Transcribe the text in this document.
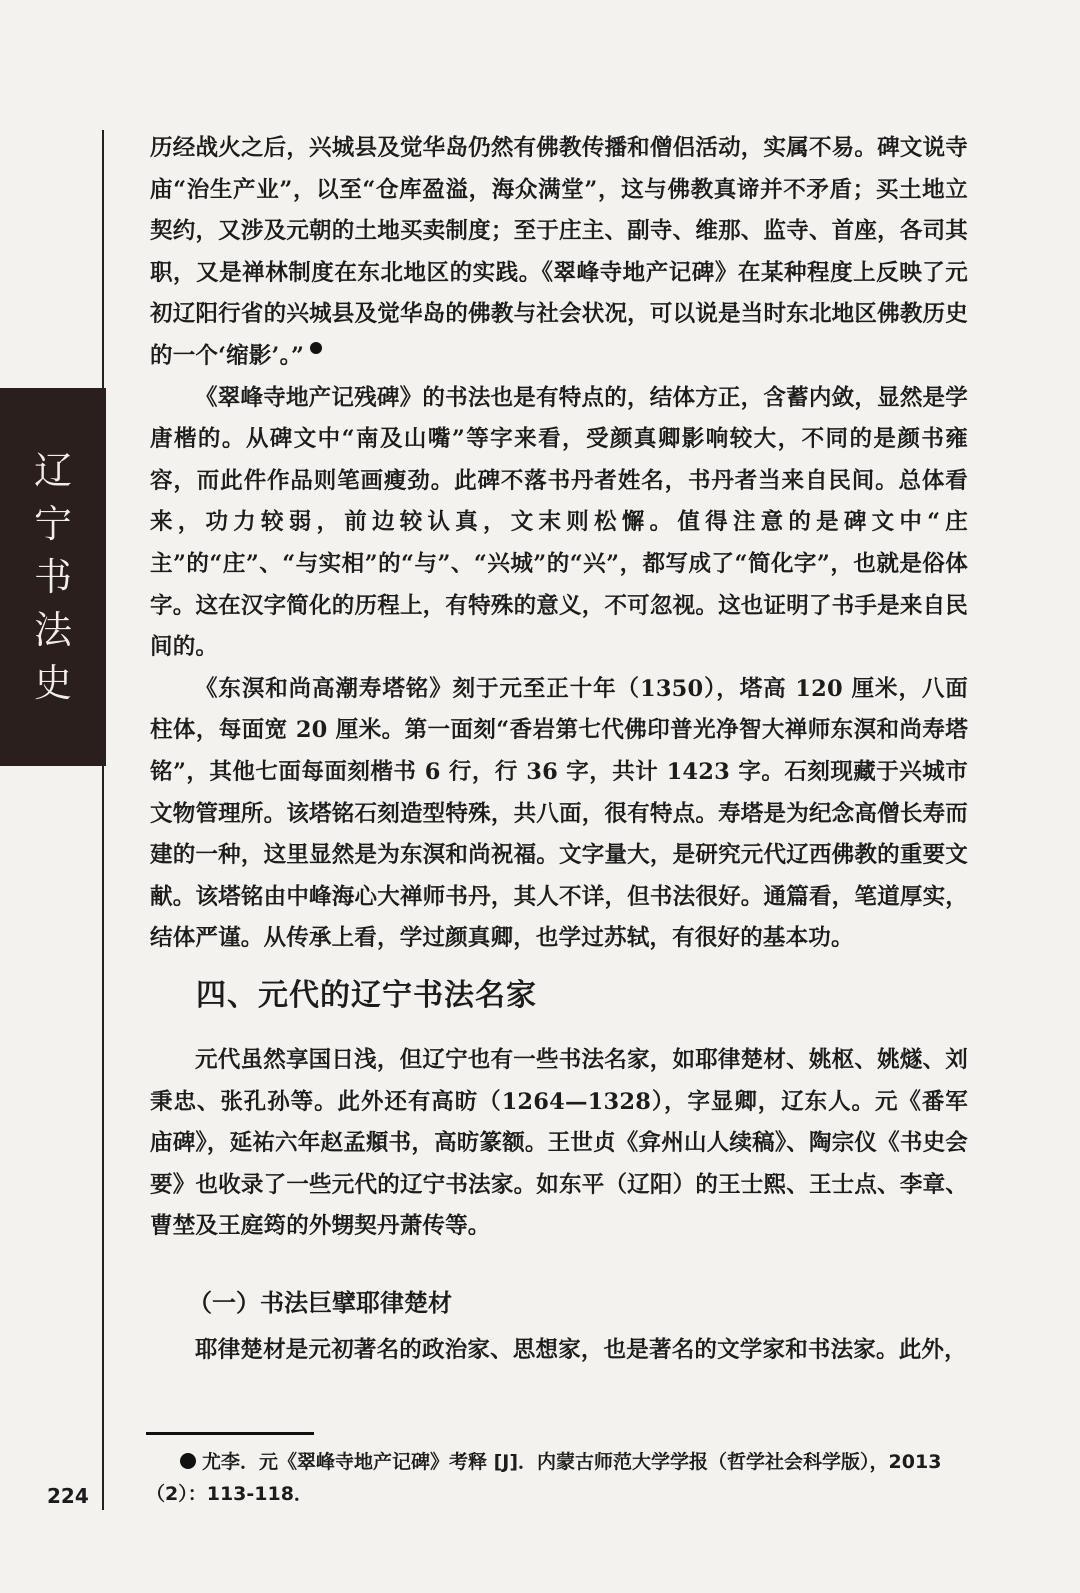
辽
宁
书
法
史

历经战火之后，兴城县及觉华岛仍然有佛教传播和僧侣活动，实属不易。碑文说寺庙“治生产业”，以至“仓库盈溢，海众满堂”，这与佛教真谛并不矛盾；买土地立契约，又涉及元朝的土地买卖制度；至于庄主、副寺、维那、监寺、首座，各司其职，又是禅林制度在东北地区的实践。《翠峰寺地产记碑》在某种程度上反映了元初辽阳行省的兴城县及觉华岛的佛教与社会状况，可以说是当时东北地区佛教历史的一个‘缩影’。”

《翠峰寺地产记残碑》的书法也是有特点的，结体方正，含蓄内敛，显然是学唐楷的。从碑文中“南及山嘴”等字来看，受颜真卿影响较大，不同的是颜书雍容，而此件作品则笔画瘦劲。此碑不落书丹者姓名，书丹者当来自民间。总体看来，功力较弱，前边较认真，文末则松懈。值得注意的是碑文中“庄主”的“庄”、“与实相”的“与”、“兴城”的“兴”，都写成了“简化字”，也就是俗体字。这在汉字简化的历程上，有特殊的意义，不可忽视。这也证明了书手是来自民间的。

《东溟和尚高潮寿塔铭》刻于元至正十年（1350），塔高 120 厘米，八面柱体，每面宽 20 厘米。第一面刻“香岩第七代佛印普光净智大禅师东溟和尚寿塔铭”，其他七面每面刻楷书 6 行，行 36 字，共计 1423 字。石刻现藏于兴城市文物管理所。该塔铭石刻造型特殊，共八面，很有特点。寿塔是为纪念高僧长寿而建的一种，这里显然是为东溟和尚祝福。文字量大，是研究元代辽西佛教的重要文献。该塔铭由中峰海心大禅师书丹，其人不详，但书法很好。通篇看，笔道厚实，结体严谨。从传承上看，学过颜真卿，也学过苏轼，有很好的基本功。

四、元代的辽宁书法名家

元代虽然享国日浅，但辽宁也有一些书法名家，如耶律楚材、姚枢、姚燧、刘秉忠、张孔孙等。此外还有高昉（1264—1328），字显卿，辽东人。元《番军庙碑》，延祐六年赵孟頫书，高昉篆额。王世贞《弇州山人续稿》、陶宗仪《书史会要》也收录了一些元代的辽宁书法家。如东平（辽阳）的王士熙、王士点、李章、曹埜及王庭筠的外甥契丹萧传等。

（一）书法巨擘耶律楚材

耶律楚材是元初著名的政治家、思想家，也是著名的文学家和书法家。此外，

尤李．元《翠峰寺地产记碑》考释 [J]．内蒙古师范大学学报（哲学社会科学版），2013（2）：113-118．

224
